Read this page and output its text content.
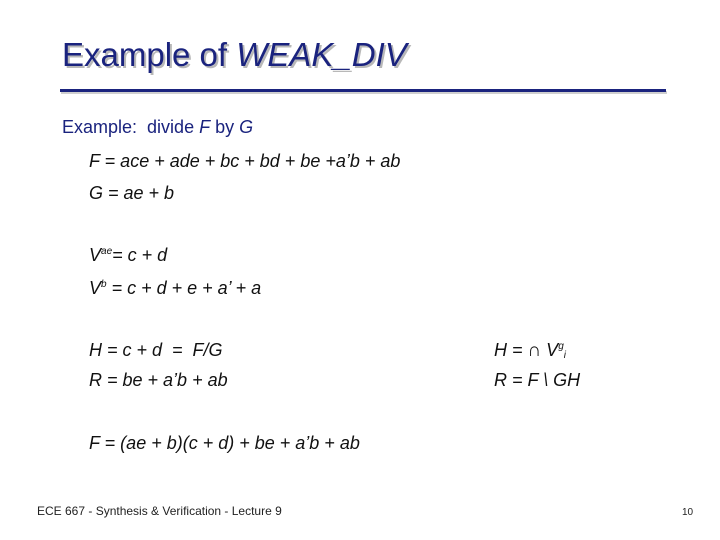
Example of WEAK_DIV
Example:  divide F by G
F = ace + ade + bc + bd + be +a’b + ab
G = ae + b
$V^{ae}= c + d$
$V^b = c + d + e + a$’ + a
H = c + d  =  F/G	H = ∩ $V^g_i$
R = be + a’b + ab	R = F \ GH
F = (ae + b)(c + d) + be + a’b + ab
ECE 667 - Synthesis & Verification - Lecture 9	10
